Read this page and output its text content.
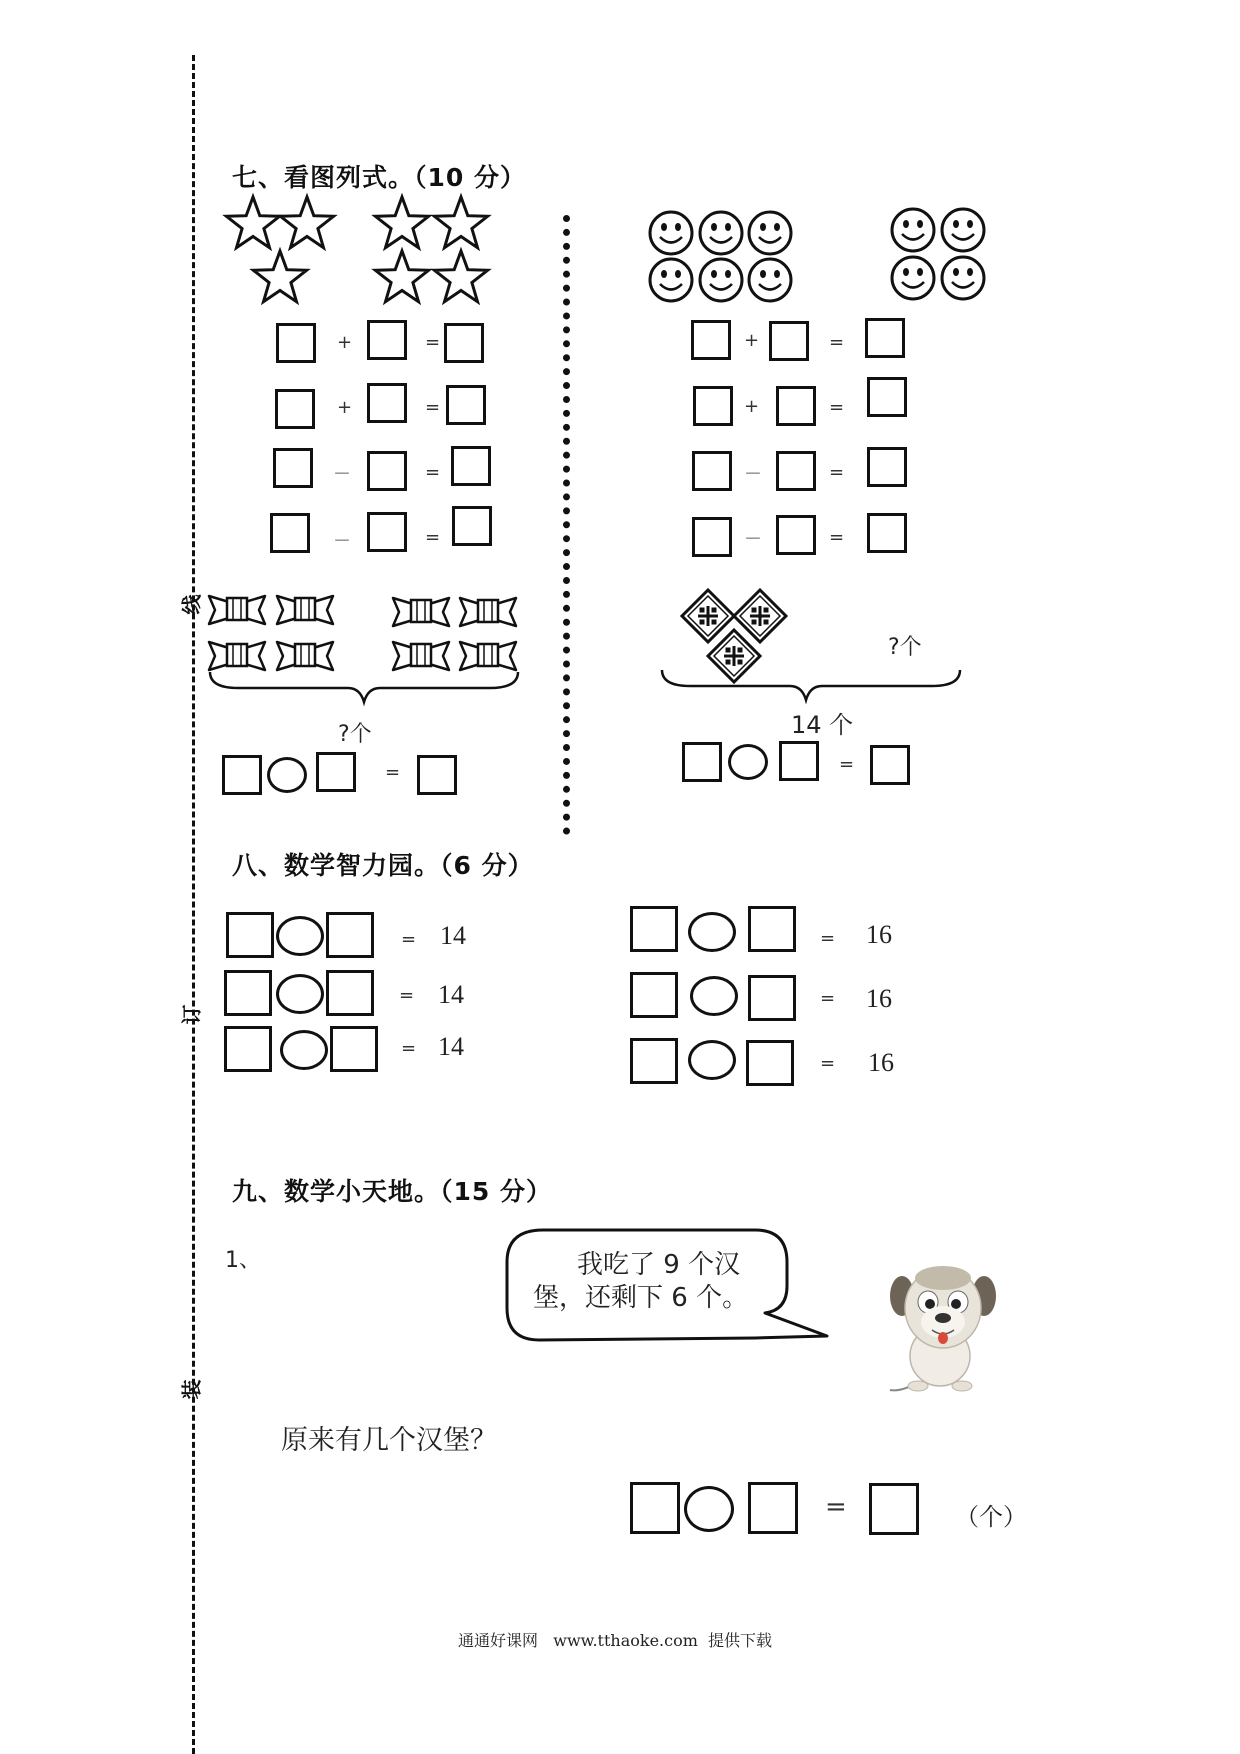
线
订
装
七、看图列式。（10 分）
+	=
+	=
－	=
－	=
+	=
+	=
－	=
－	=
?个
=
?个
14 个
=
八、数学智力园。（6 分）
= 14
= 14
= 14
= 16
= 16
= 16
九、数学小天地。（15 分）
1、	我吃了 9 个汉
堡，还剩下 6 个。
原来有几个汉堡？
=	（个）
通通好课网   www.tthaoke.com  提供下载
